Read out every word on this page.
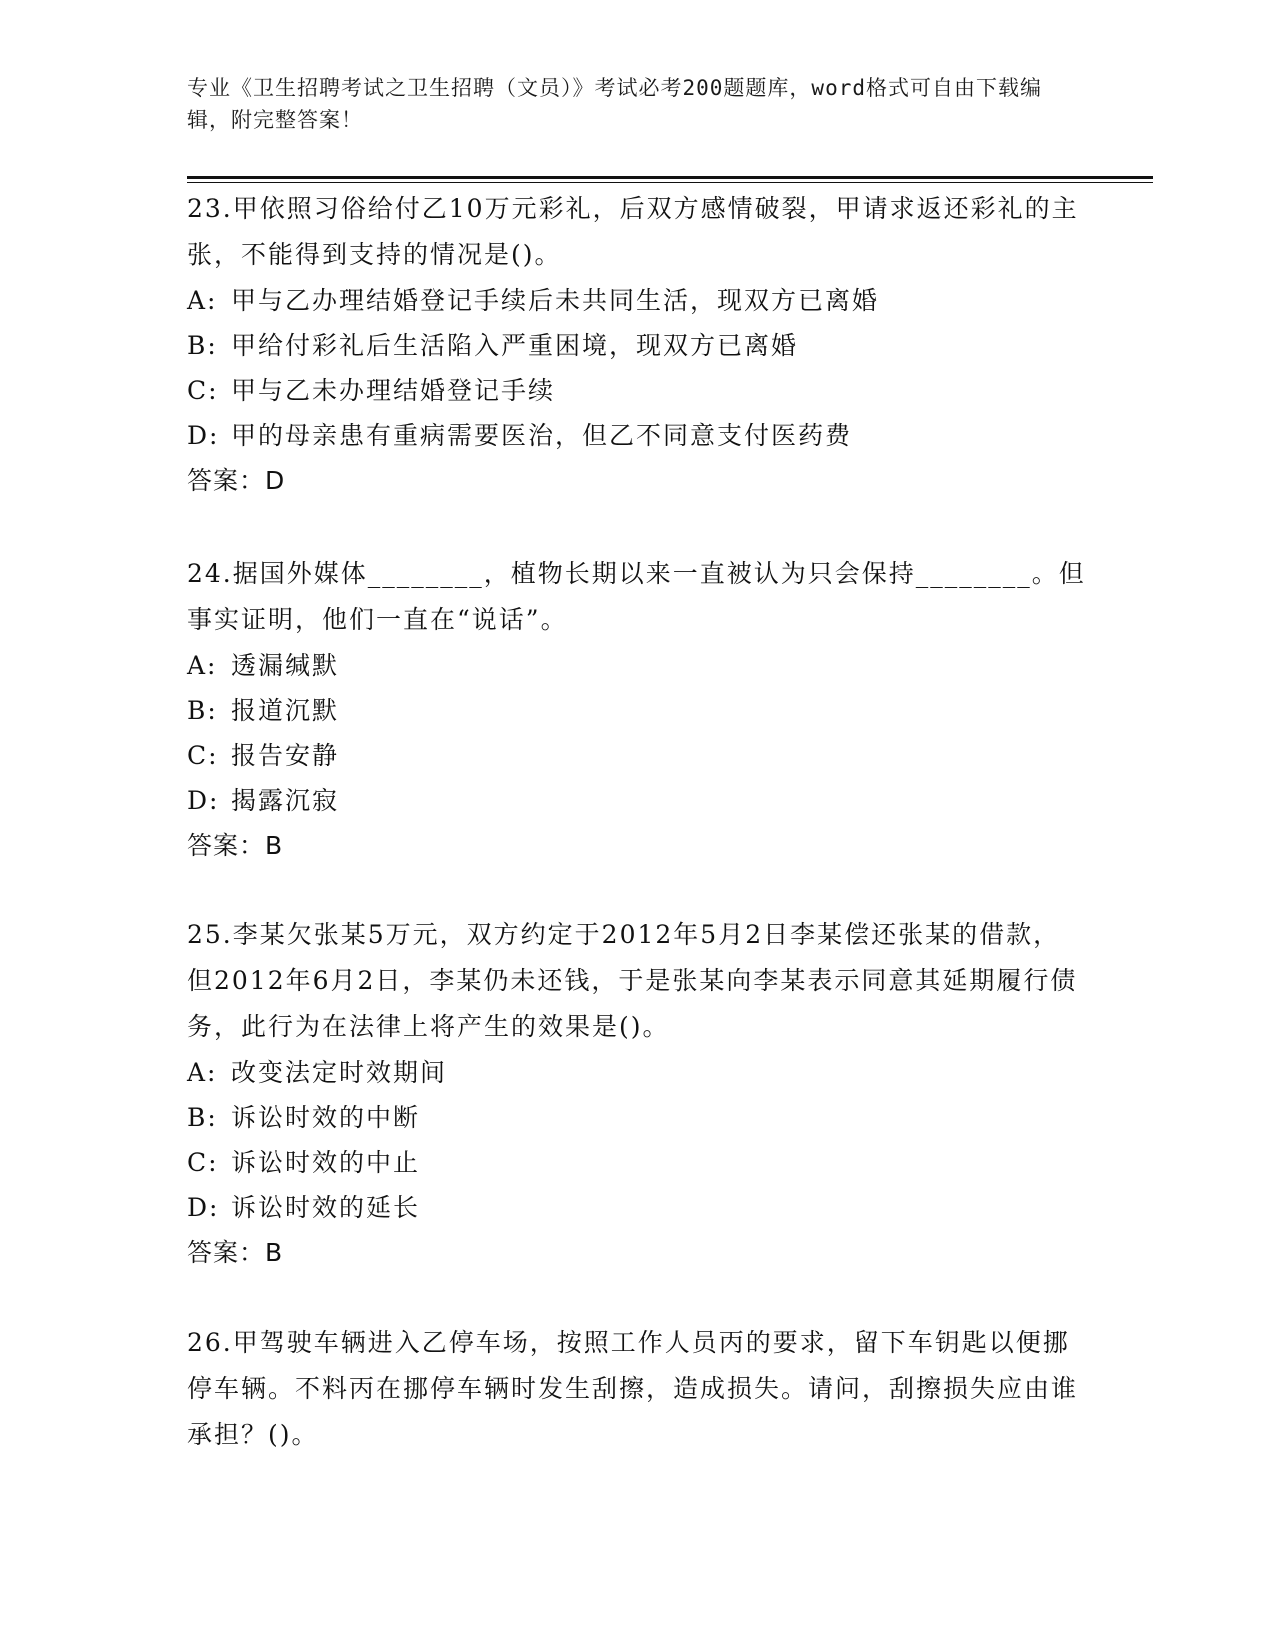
专业《卫生招聘考试之卫生招聘（文员）》考试必考200题题库，word格式可自由下载编辑，附完整答案！

23.甲依照习俗给付乙10万元彩礼，后双方感情破裂，甲请求返还彩礼的主张，不能得到支持的情况是()。

A: 甲与乙办理结婚登记手续后未共同生活，现双方已离婚

B: 甲给付彩礼后生活陷入严重困境，现双方已离婚

C: 甲与乙未办理结婚登记手续

D: 甲的母亲患有重病需要医治，但乙不同意支付医药费

答案：D

24.据国外媒体________，植物长期以来一直被认为只会保持________。但事实证明，他们一直在“说话”。

A: 透漏缄默

B: 报道沉默

C: 报告安静

D: 揭露沉寂

答案：B

25.李某欠张某5万元，双方约定于2012年5月2日李某偿还张某的借款，但2012年6月2日，李某仍未还钱，于是张某向李某表示同意其延期履行债务，此行为在法律上将产生的效果是()。

A: 改变法定时效期间

B: 诉讼时效的中断

C: 诉讼时效的中止

D: 诉讼时效的延长

答案：B

26.甲驾驶车辆进入乙停车场，按照工作人员丙的要求，留下车钥匙以便挪停车辆。不料丙在挪停车辆时发生刮擦，造成损失。请问，刮擦损失应由谁承担？()。
